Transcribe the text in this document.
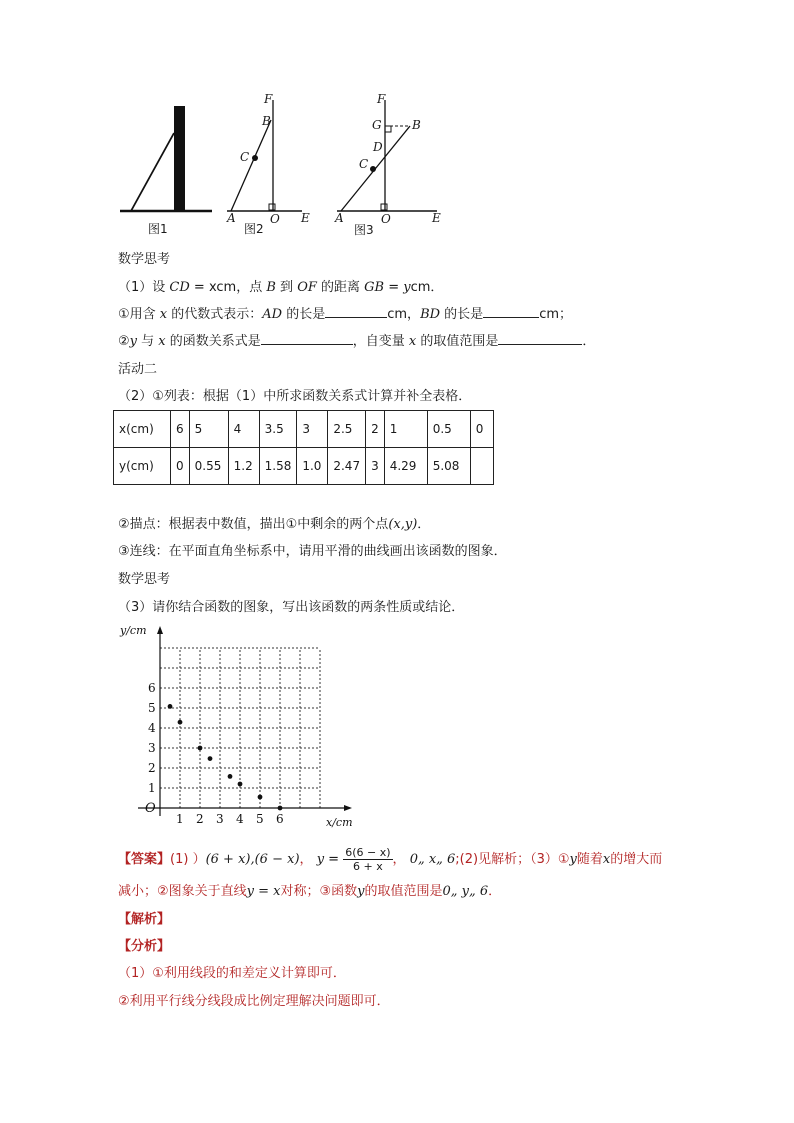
图1
F
B
C
A	O E
图2
F
G	B
D
C
A	O	E
图3
数学思考
（1）设 CD = xcm，点 B 到 OF 的距离 GB = ycm．
①用含 x 的代数式表示：AD 的长是	cm，BD 的长是	cm；
②y 与 x 的函数关系式是	，自变量 x 的取值范围是	．
活动二
（2）①列表：根据（1）中所求函数关系式计算并补全表格．
x(cm)	6	5	4	3.5	3	2.5	2	1	0.5	0
y(cm)	0	0.55	1.2	1.58	1.0	2.47	3	4.29	5.08	
②描点：根据表中数值，描出①中剩余的两个点(x,y)．
③连线：在平面直角坐标系中，请用平滑的曲线画出该函数的图象．
数学思考
（3）请你结合函数的图象，写出该函数的两条性质或结论．
O
x/cm
y/cm
1 2 3 4 5 6
1
2
3
4
5
6
【答案】(1) ）(6 + x),(6 − x)， $y = \frac{6(6 - x)}{6 + x}$ ， 0„ x„ 6;(2)见解析；（3）①y随着x的增大而
减小；②图象关于直线y = x对称；③函数y的取值范围是0„ y„ 6．
【解析】
【分析】
（1）①利用线段的和差定义计算即可．
②利用平行线分线段成比例定理解决问题即可．
